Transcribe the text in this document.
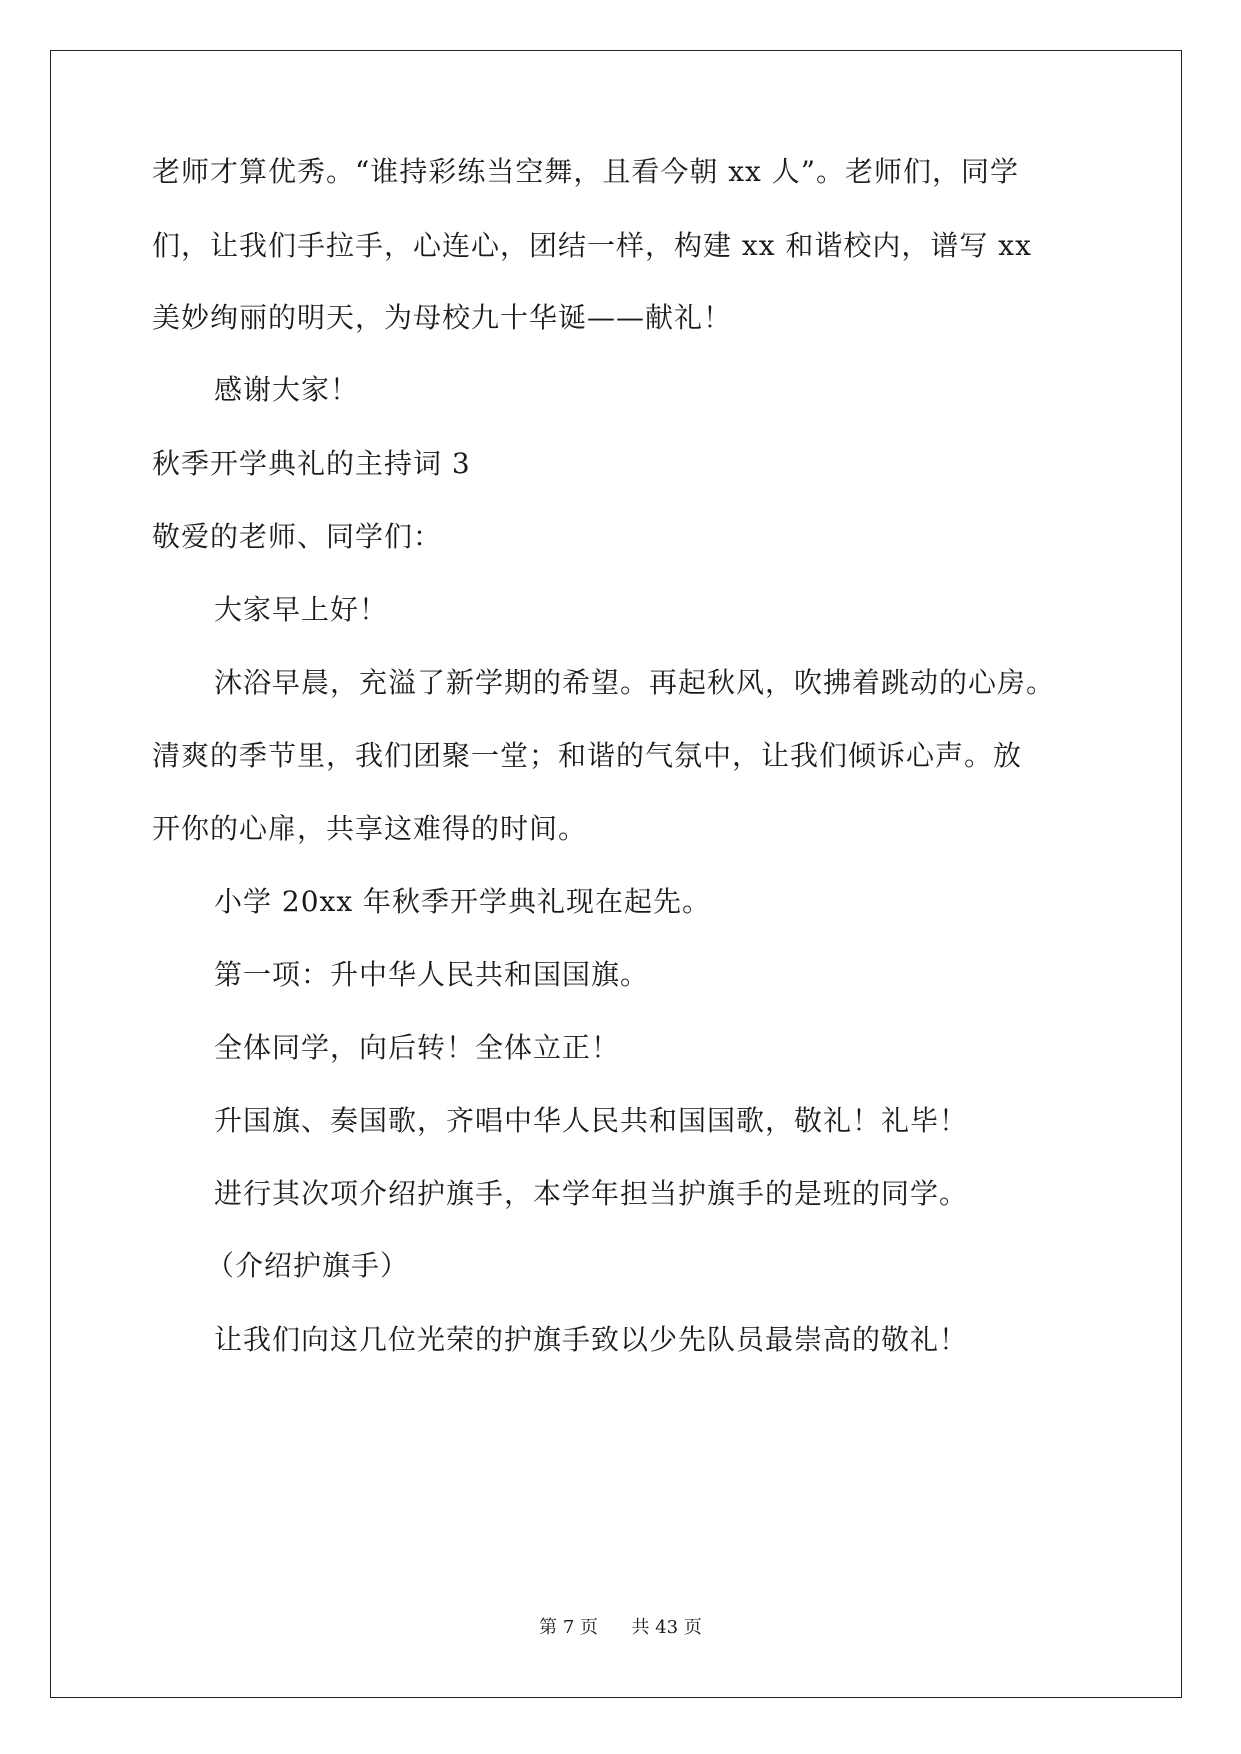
老师才算优秀。“谁持彩练当空舞，且看今朝 xx 人”。老师们，同学
们，让我们手拉手，心连心，团结一样，构建 xx 和谐校内，谱写 xx
美妙绚丽的明天，为母校九十华诞——献礼！
感谢大家！
秋季开学典礼的主持词 3
敬爱的老师、同学们：
大家早上好！
沐浴早晨，充溢了新学期的希望。再起秋风，吹拂着跳动的心房。
清爽的季节里，我们团聚一堂；和谐的气氛中，让我们倾诉心声。放
开你的心扉，共享这难得的时间。
小学 20xx 年秋季开学典礼现在起先。
第一项：升中华人民共和国国旗。
全体同学，向后转！全体立正！
升国旗、奏国歌，齐唱中华人民共和国国歌，敬礼！礼毕！
进行其次项介绍护旗手，本学年担当护旗手的是班的同学。
（介绍护旗手）
让我们向这几位光荣的护旗手致以少先队员最崇高的敬礼！
第 7 页 共 43 页
